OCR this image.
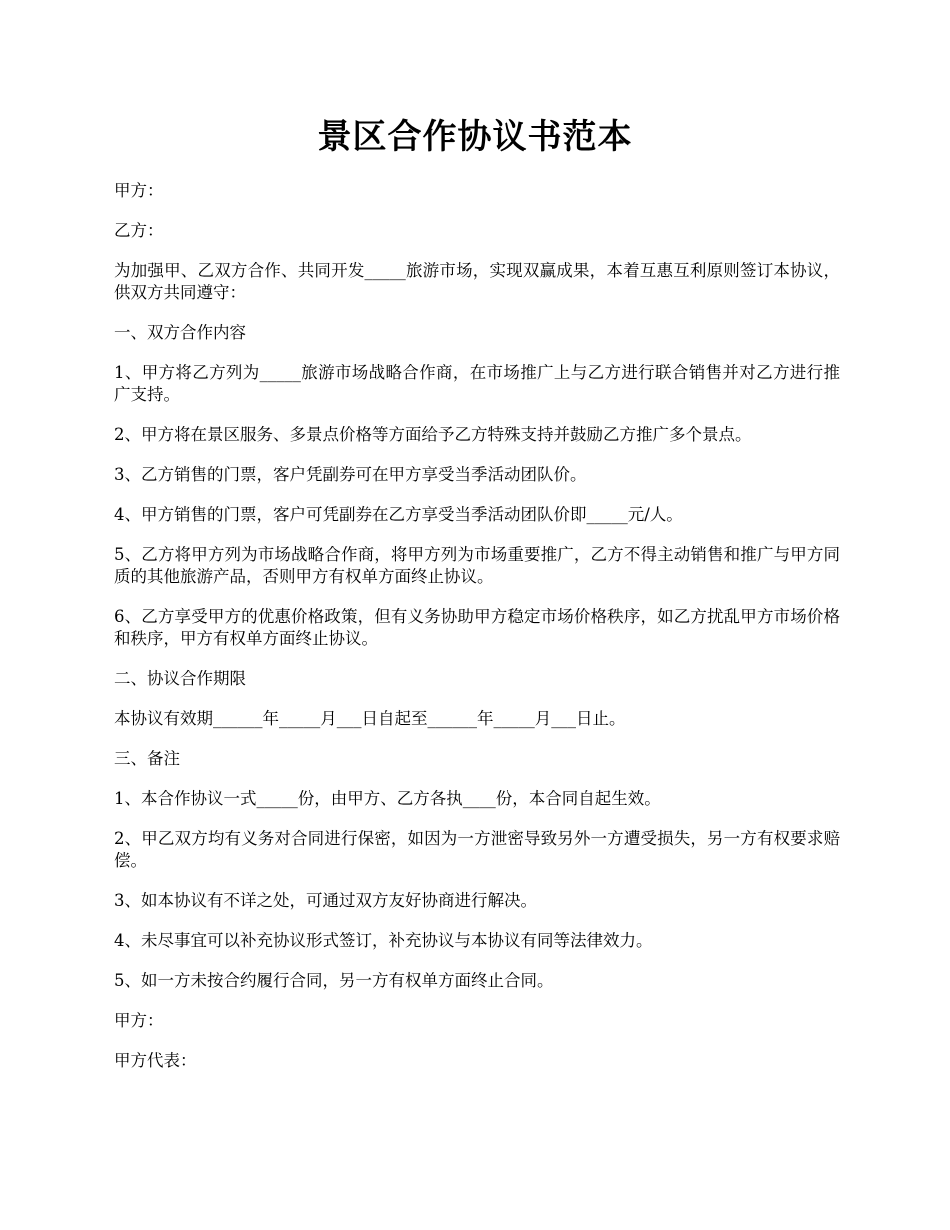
景区合作协议书范本

甲方：

乙方：

为加强甲、乙双方合作、共同开发_____旅游市场，实现双赢成果，本着互惠互利原则签订本协议，供双方共同遵守：

一、双方合作内容

1、甲方将乙方列为_____旅游市场战略合作商，在市场推广上与乙方进行联合销售并对乙方进行推广支持。

2、甲方将在景区服务、多景点价格等方面给予乙方特殊支持并鼓励乙方推广多个景点。

3、乙方销售的门票，客户凭副券可在甲方享受当季活动团队价。

4、甲方销售的门票，客户可凭副券在乙方享受当季活动团队价即_____元/人。

5、乙方将甲方列为市场战略合作商，将甲方列为市场重要推广，乙方不得主动销售和推广与甲方同质的其他旅游产品，否则甲方有权单方面终止协议。

6、乙方享受甲方的优惠价格政策，但有义务协助甲方稳定市场价格秩序，如乙方扰乱甲方市场价格和秩序，甲方有权单方面终止协议。

二、协议合作期限

本协议有效期______年_____月___日自起至______年_____月___日止。

三、备注

1、本合作协议一式_____份，由甲方、乙方各执____份，本合同自起生效。

2、甲乙双方均有义务对合同进行保密，如因为一方泄密导致另外一方遭受损失，另一方有权要求赔偿。

3、如本协议有不详之处，可通过双方友好协商进行解决。

4、未尽事宜可以补充协议形式签订，补充协议与本协议有同等法律效力。

5、如一方未按合约履行合同，另一方有权单方面终止合同。

甲方：

甲方代表：
